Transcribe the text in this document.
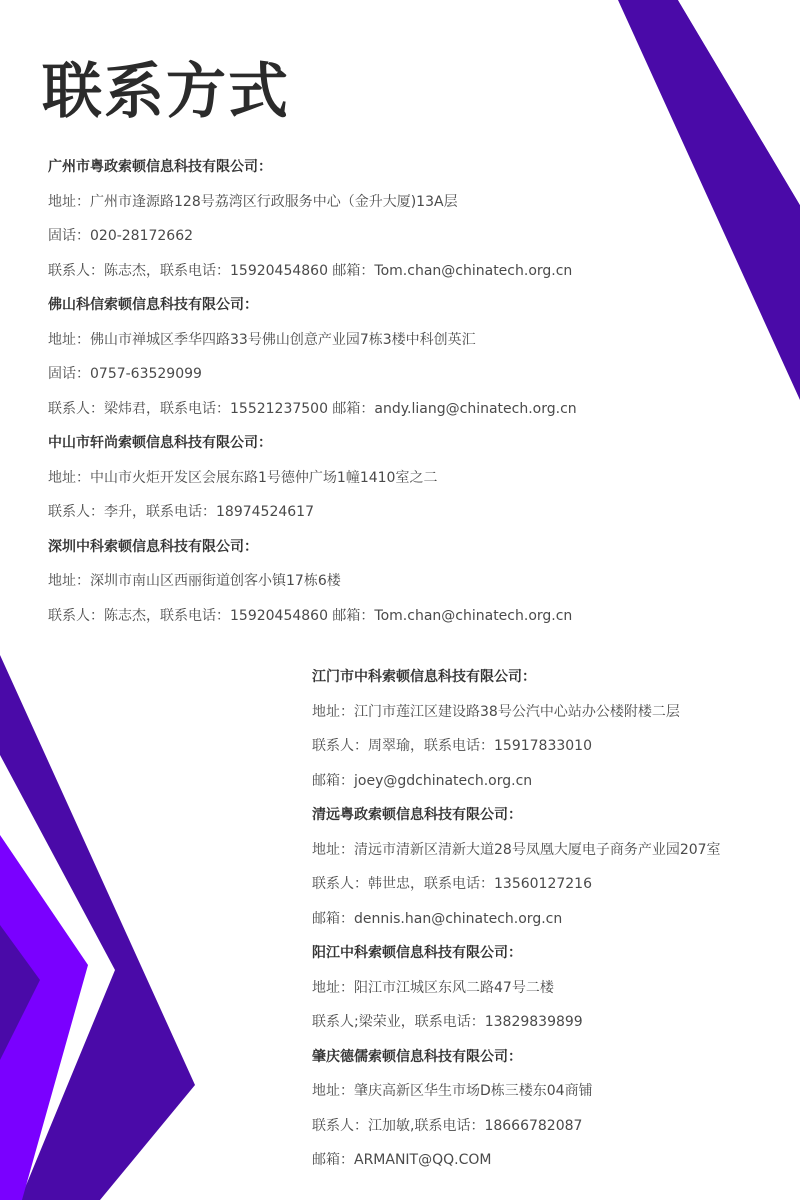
联系方式
广州市粤政索顿信息科技有限公司：
地址：广州市逢源路128号荔湾区行政服务中心（金升大厦)13A层
固话：020-28172662
联系人：陈志杰，联系电话：15920454860 邮箱：Tom.chan@chinatech.org.cn
佛山科信索顿信息科技有限公司：
地址：佛山市禅城区季华四路33号佛山创意产业园7栋3楼中科创英汇
固话：0757-63529099
联系人：梁炜君，联系电话：15521237500 邮箱：andy.liang@chinatech.org.cn
中山市轩尚索顿信息科技有限公司：
地址：中山市火炬开发区会展东路1号德仲广场1幢1410室之二
联系人：李升，联系电话：18974524617
深圳中科索顿信息科技有限公司：
地址：深圳市南山区西丽街道创客小镇17栋6楼
联系人：陈志杰，联系电话：15920454860 邮箱：Tom.chan@chinatech.org.cn
江门市中科索顿信息科技有限公司：
地址：江门市莲江区建设路38号公汽中心站办公楼附楼二层
联系人：周翠瑜，联系电话：15917833010
邮箱：joey@gdchinatech.org.cn
清远粤政索顿信息科技有限公司：
地址：清远市清新区清新大道28号凤凰大厦电子商务产业园207室
联系人：韩世忠，联系电话：13560127216
邮箱：dennis.han@chinatech.org.cn
阳江中科索顿信息科技有限公司：
地址：阳江市江城区东风二路47号二楼
联系人;梁荣业，联系电话：13829839899
肇庆德儒索顿信息科技有限公司：
地址：肇庆高新区华生市场D栋三楼东04商铺
联系人：江加敏,联系电话：18666782087
邮箱：ARMANIT@QQ.COM
